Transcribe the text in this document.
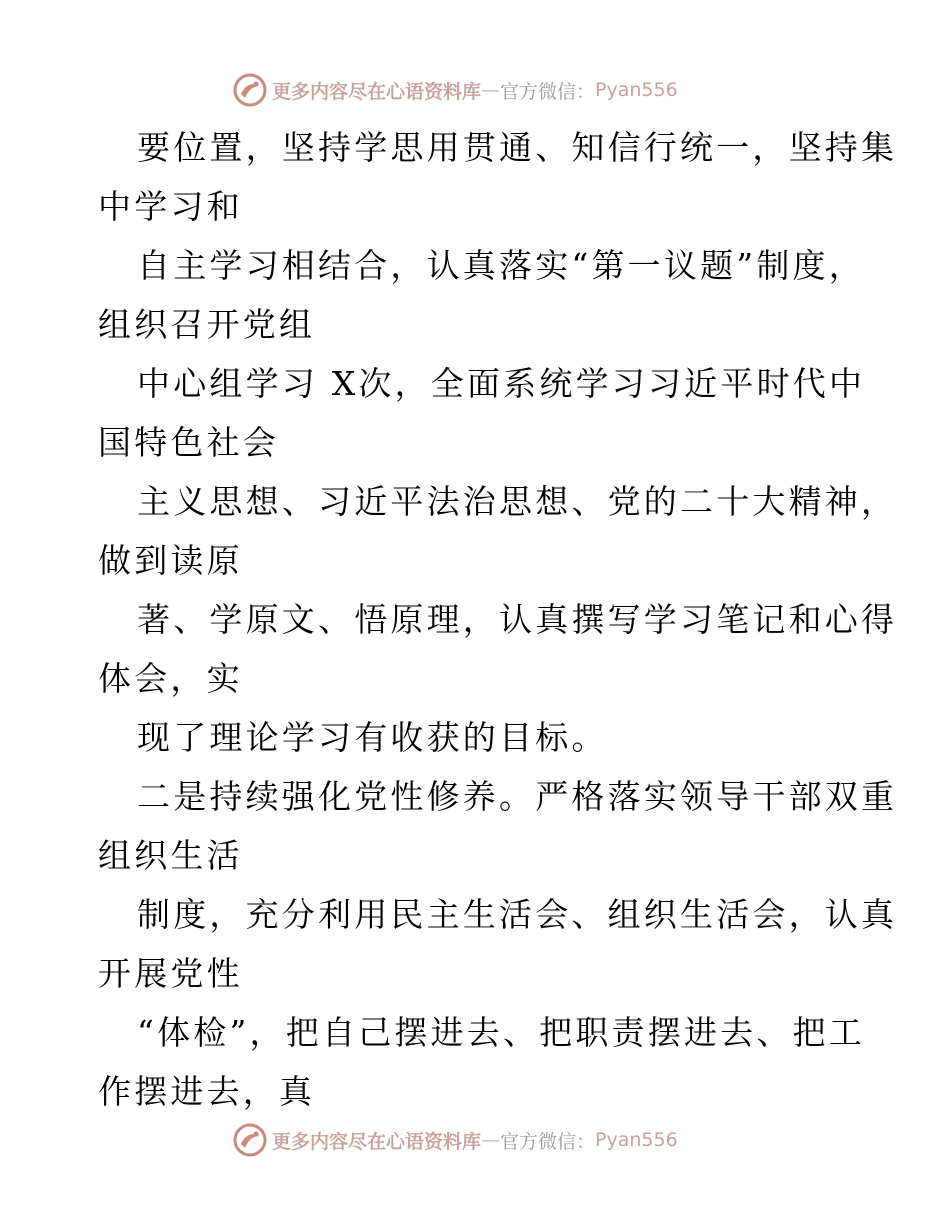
更多内容尽在心语资料库 — 官方微信： Pyan556
要位置，坚持学思用贯通、知信行统一，坚持集
中学习和
自主学习相结合，认真落实“第一议题”制度，
组织召开党组
中心组学习 X次，全面系统学习习近平时代中
国特色社会
主义思想、习近平法治思想、党的二十大精神，
做到读原
著、学原文、悟原理，认真撰写学习笔记和心得
体会，实
现了理论学习有收获的目标。
二是持续强化党性修养。严格落实领导干部双重
组织生活
制度，充分利用民主生活会、组织生活会，认真
开展党性
“体检”，把自己摆进去、把职责摆进去、把工
作摆进去，真
更多内容尽在心语资料库 — 官方微信： Pyan556
